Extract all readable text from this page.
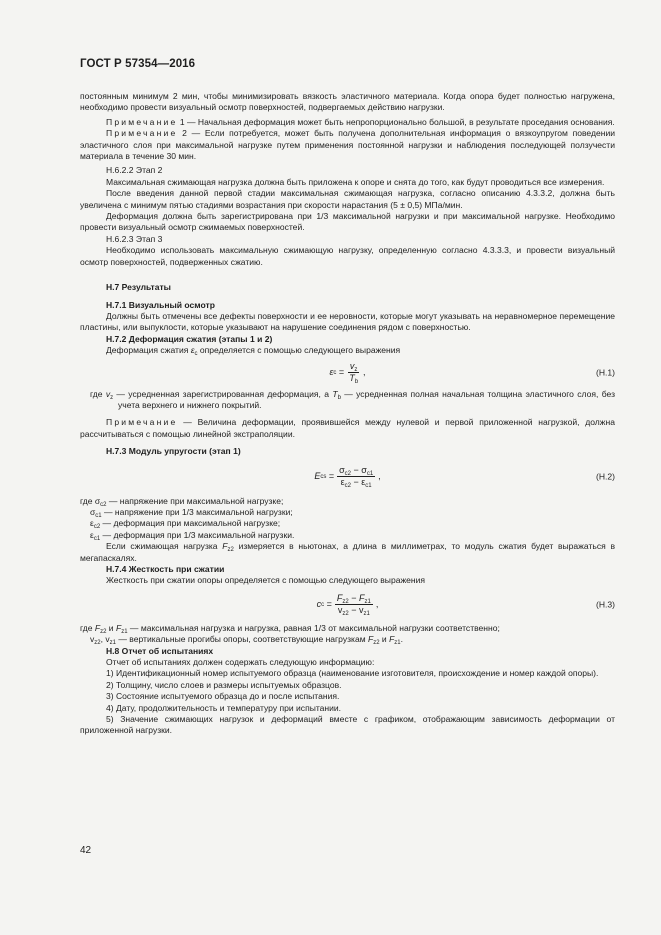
ГОСТ Р 57354—2016

постоянным минимум 2 мин, чтобы минимизировать вязкость эластичного материала. Когда опора будет полностью нагружена, необходимо провести визуальный осмотр поверхностей, подвергаемых действию нагрузки.

Примечание 1 — Начальная деформация может быть непропорционально большой, в результате проседания основания.

Примечание 2 — Если потребуется, может быть получена дополнительная информация о вязкоупругом поведении эластичного слоя при максимальной нагрузке путем применения постоянной нагрузки и наблюдения последующей ползучести материала в течение 30 мин.

Н.6.2.2 Этап 2

Максимальная сжимающая нагрузка должна быть приложена к опоре и снята до того, как будут проводиться все измерения.

После введения данной первой стадии максимальная сжимающая нагрузка, согласно описанию 4.3.3.2, должна быть увеличена с минимум пятью стадиями возрастания при скорости нарастания (5 ± 0,5) МПа/мин.

Деформация должна быть зарегистрирована при 1/3 максимальной нагрузки и при максимальной нагрузке. Необходимо провести визуальный осмотр сжимаемых поверхностей.

Н.6.2.3 Этап 3

Необходимо использовать максимальную сжимающую нагрузку, определенную согласно 4.3.3.3, и провести визуальный осмотр поверхностей, подверженных сжатию.

Н.7 Результаты

Н.7.1 Визуальный осмотр

Должны быть отмечены все дефекты поверхности и ее неровности, которые могут указывать на неравномерное перемещение пластины, или выпуклости, которые указывают на нарушение соединения рядом с поверхностью.

Н.7.2 Деформация сжатия (этапы 1 и 2)

Деформация сжатия $\varepsilon_c$ определяется с помощью следующего выражения

ε $c = \frac{v_z}{T_b}$ ,	(Н.1)

где $v_z$ — усредненная зарегистрированная деформация, а $T_b$ — усредненная полная начальная толщина эластичного слоя, без учета верхнего и нижнего покрытий.

Примечание — Величина деформации, проявившейся между нулевой и первой приложенной нагрузкой, должна рассчитываться с помощью линейной экстраполяции.

Н.7.3 Модуль упругости (этап 1)

E cs = $\frac{\sigma_{c2} - \sigma_{c1}}{\varepsilon_{c2} - \varepsilon_{c1}}$ ,	(Н.2)

где $\sigma_{c2}$ — напряжение при максимальной нагрузке;

$\sigma_{c1}$ — напряжение при 1/3 максимальной нагрузки;

$\varepsilon_{c2}$ — деформация при максимальной нагрузке;

$\varepsilon_{c1}$ — деформация при 1/3 максимальной нагрузки.

Если сжимающая нагрузка $F_{z2}$ измеряется в ньютонах, а длина в миллиметрах, то модуль сжатия будет выражаться в мегапаскалях.

Н.7.4 Жесткость при сжатии

Жесткость при сжатии опоры определяется с помощью следующего выражения

c $c = \frac{F_{z2} - F_{z1}}{v_{z2} - v_{z1}}$ ,	(Н.3)

где $F_{z2}$ и $F_{z1}$ — максимальная нагрузка и нагрузка, равная 1/3 от максимальной нагрузки соответственно;

$v_{z2}$, $v_{z1}$ — вертикальные прогибы опоры, соответствующие нагрузкам $F_{z2}$ и $F_{z1}$.

Н.8 Отчет об испытаниях

Отчет об испытаниях должен содержать следующую информацию:

1) Идентификационный номер испытуемого образца (наименование изготовителя, происхождение и номер каждой опоры).

2) Толщину, число слоев и размеры испытуемых образцов.

3) Состояние испытуемого образца до и после испытания.

4) Дату, продолжительность и температуру при испытании.

5) Значение сжимающих нагрузок и деформаций вместе с графиком, отображающим зависимость деформации от приложенной нагрузки.

42
